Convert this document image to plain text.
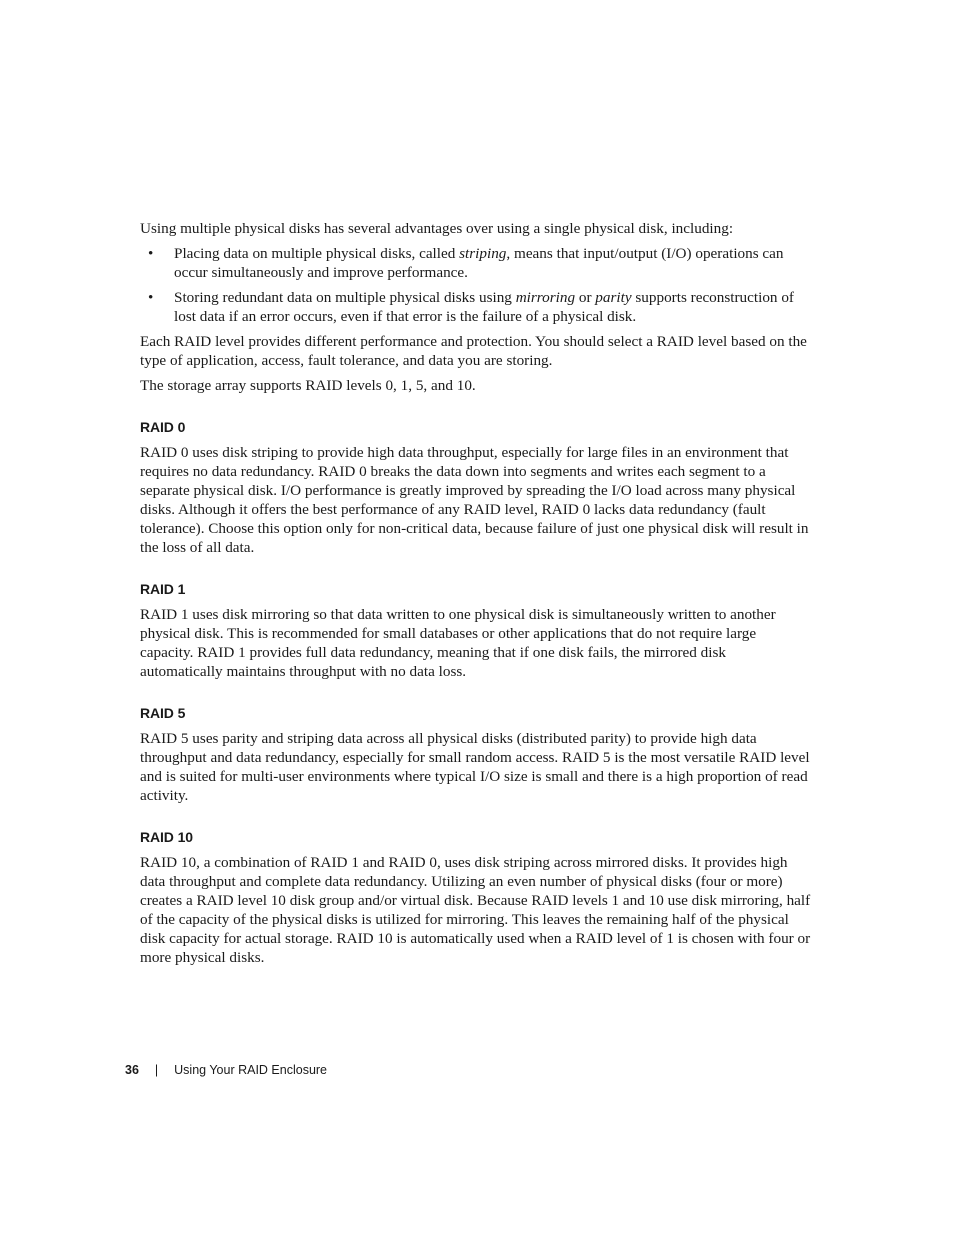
Using multiple physical disks has several advantages over using a single physical disk, including:

• Placing data on multiple physical disks, called striping, means that input/output (I/O) operations can occur simultaneously and improve performance.
• Storing redundant data on multiple physical disks using mirroring or parity supports reconstruction of lost data if an error occurs, even if that error is the failure of a physical disk.

Each RAID level provides different performance and protection. You should select a RAID level based on the type of application, access, fault tolerance, and data you are storing.

The storage array supports RAID levels 0, 1, 5, and 10.

RAID 0

RAID 0 uses disk striping to provide high data throughput, especially for large files in an environment that requires no data redundancy. RAID 0 breaks the data down into segments and writes each segment to a separate physical disk. I/O performance is greatly improved by spreading the I/O load across many physical disks. Although it offers the best performance of any RAID level, RAID 0 lacks data redundancy (fault tolerance). Choose this option only for non-critical data, because failure of just one physical disk will result in the loss of all data.

RAID 1

RAID 1 uses disk mirroring so that data written to one physical disk is simultaneously written to another physical disk. This is recommended for small databases or other applications that do not require large capacity. RAID 1 provides full data redundancy, meaning that if one disk fails, the mirrored disk automatically maintains throughput with no data loss.

RAID 5

RAID 5 uses parity and striping data across all physical disks (distributed parity) to provide high data throughput and data redundancy, especially for small random access. RAID 5 is the most versatile RAID level and is suited for multi-user environments where typical I/O size is small and there is a high proportion of read activity.

RAID 10

RAID 10, a combination of RAID 1 and RAID 0, uses disk striping across mirrored disks. It provides high data throughput and complete data redundancy. Utilizing an even number of physical disks (four or more) creates a RAID level 10 disk group and/or virtual disk. Because RAID levels 1 and 10 use disk mirroring, half of the capacity of the physical disks is utilized for mirroring. This leaves the remaining half of the physical disk capacity for actual storage. RAID 10 is automatically used when a RAID level of 1 is chosen with four or more physical disks.

36 | Using Your RAID Enclosure
